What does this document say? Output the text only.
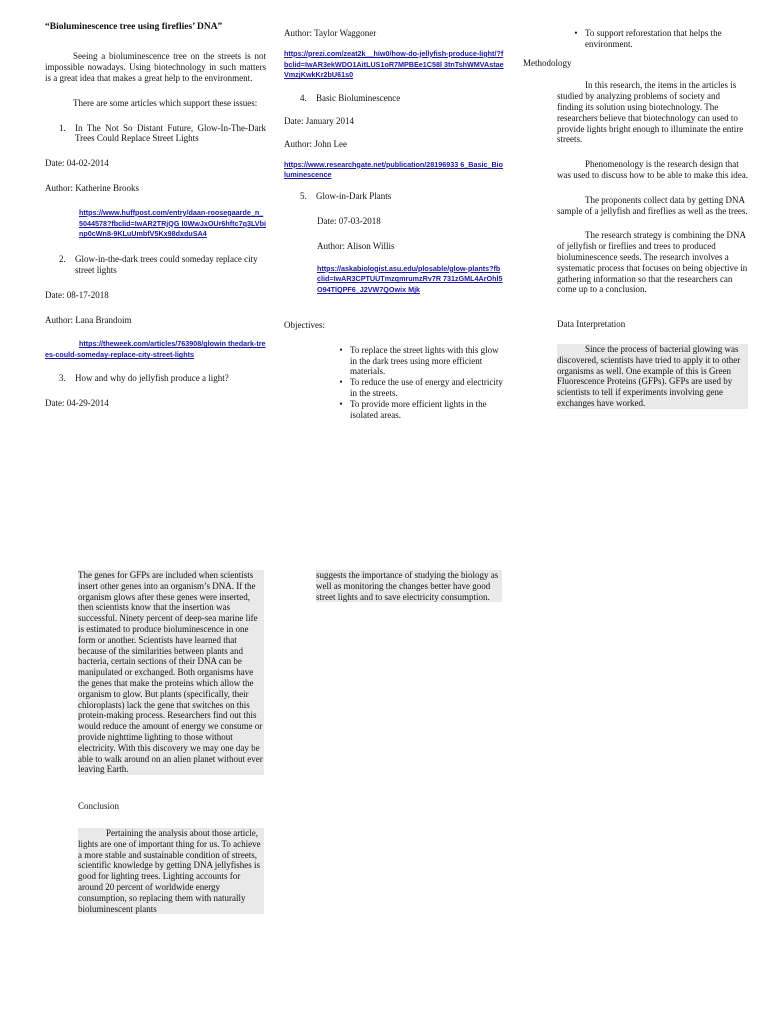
“Bioluminescence tree using fireflies’ DNA”

Seeing a bioluminescence tree on the streets is not impossible nowadays. Using biotechnology in such matters is a great idea that makes a great help to the environment.

There are some articles which support these issues:

1.	In The Not So Distant Future, Glow-In-The-Dark Trees Could Replace Street Lights

Date: 04-02-2014

Author: Katherine Brooks

https://www.huffpost.com/entry/daan-roosegaarde_n_5044578?fbclid=IwAR2TRjQG l0WwJxOUr6hftc7q3LVbinp0cWn8-9KLuUmbfV5Kx98dxduSA4
2.	Glow-in-the-dark trees could someday replace city street lights

Date: 08-17-2018

Author: Lana Brandoim

https://theweek.com/articles/763908/glowin thedark-trees-could-someday-replace-city-street-lights
3.	How and why do jellyfish produce a light?

Date: 04-29-2014

Author: Taylor Waggoner

https://prezi.com/zeat2k__hiw0/how-do-jellyfish-produce-light/?fbclid=IwAR3ekWDO1AitLUS1oR7MPBEe1C58l 3tnTshWMVAstaeVmzjKwkKr2bU61s0
4.	Basic Bioluminescence

Date: January 2014

Author: John Lee

https://www.researchgate.net/publication/28196933 6_Basic_Bioluminescence
5.	Glow-in-Dark Plants

Date: 07-03-2018

Author: Alison Willis

https://askabiologist.asu.edu/plosable/glow-plants?fbclid=IwAR3CPTUUTmzqmrumzRv7R 731zGML4ArOhl5O94TlQPF6_J2VW7QOwix Mjk

Objectives:

• To replace the street lights with this glow in the dark trees using more efficient materials.
• To reduce the use of energy and electricity in the streets.
• To provide more efficient lights in the isolated areas.
• To support reforestation that helps the environment.

Methodology

In this research, the items in the articles is studied by analyzing problems of society and finding its solution using biotechnology. The researchers believe that biotechnology can used to provide lights bright enough to illuminate the entire streets.

Phenomenology is the research design that was used to discuss how to be able to make this idea.

The proponents collect data by getting DNA sample of a jellyfish and fireflies as well as the trees.

The research strategy is combining the DNA of jellyfish or fireflies and trees to produced bioluminescence seeds. The research involves a systematic process that focuses on being objective in gathering information so that the researchers can come up to a conclusion.

Data Interpretation

Since the process of bacterial glowing was discovered, scientists have tried to apply it to other organisms as well. One example of this is Green Fluorescence Proteins (GFPs). GFPs are used by scientists to tell if experiments involving gene exchanges have worked.

The genes for GFPs are included when scientists insert other genes into an organism’s DNA. If the organism glows after these genes were inserted, then scientists know that the insertion was successful. Ninety percent of deep-sea marine life is estimated to produce bioluminescence in one form or another. Scientists have learned that because of the similarities between plants and bacteria, certain sections of their DNA can be manipulated or exchanged. Both organisms have the genes that make the proteins which allow the organism to glow. But plants (specifically, their chloroplasts) lack the gene that switches on this protein-making process. Researchers find out this would reduce the amount of energy we consume or provide nighttime lighting to those without electricity. With this discovery we may one day be able to walk around on an alien planet without ever leaving Earth.

Conclusion

Pertaining the analysis about those article, lights are one of important thing for us. To achieve a more stable and sustainable condition of streets, scientific knowledge by getting DNA jellyfishes is good for lighting trees. Lighting accounts for around 20 percent of worldwide energy consumption, so replacing them with naturally bioluminescent plants

suggests the importance of studying the biology as well as monitoring the changes better have good street lights and to save electricity consumption.
